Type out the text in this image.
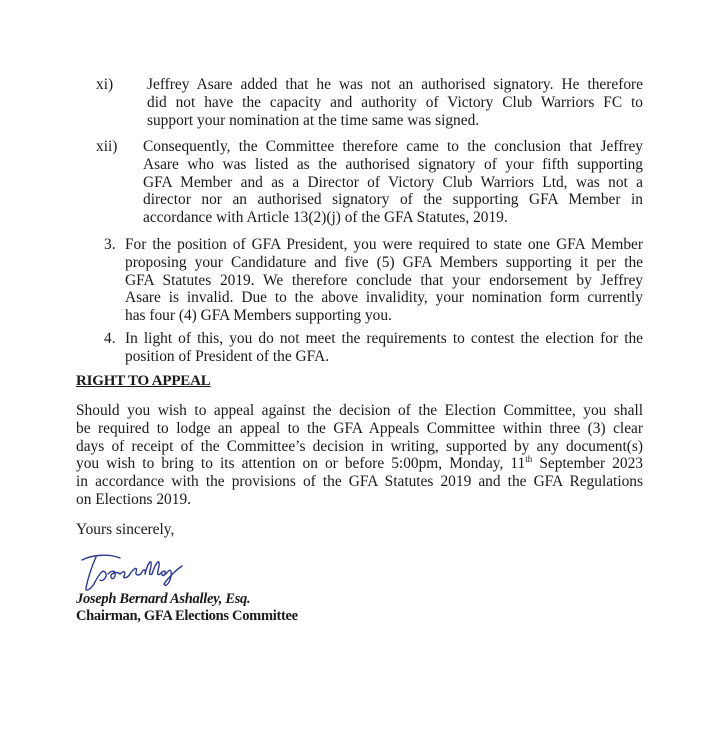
xi) Jeffrey Asare added that he was not an authorised signatory. He therefore
did not have the capacity and authority of Victory Club Warriors FC to
support your nomination at the time same was signed.
xii) Consequently, the Committee therefore came to the conclusion that Jeffrey
Asare who was listed as the authorised signatory of your fifth supporting
GFA Member and as a Director of Victory Club Warriors Ltd, was not a
director nor an authorised signatory of the supporting GFA Member in
accordance with Article 13(2)(j) of the GFA Statutes, 2019.
3. For the position of GFA President, you were required to state one GFA Member
proposing your Candidature and five (5) GFA Members supporting it per the
GFA Statutes 2019. We therefore conclude that your endorsement by Jeffrey
Asare is invalid. Due to the above invalidity, your nomination form currently
has four (4) GFA Members supporting you.
4. In light of this, you do not meet the requirements to contest the election for the
position of President of the GFA.
RIGHT TO APPEAL
Should you wish to appeal against the decision of the Election Committee, you shall
be required to lodge an appeal to the GFA Appeals Committee within three (3) clear
days of receipt of the Committee’s decision in writing, supported by any document(s)
you wish to bring to its attention on or before 5:00pm, Monday, 11th September 2023
in accordance with the provisions of the GFA Statutes 2019 and the GFA Regulations
on Elections 2019.
Yours sincerely,
Joseph Bernard Ashalley, Esq.
Chairman, GFA Elections Committee
